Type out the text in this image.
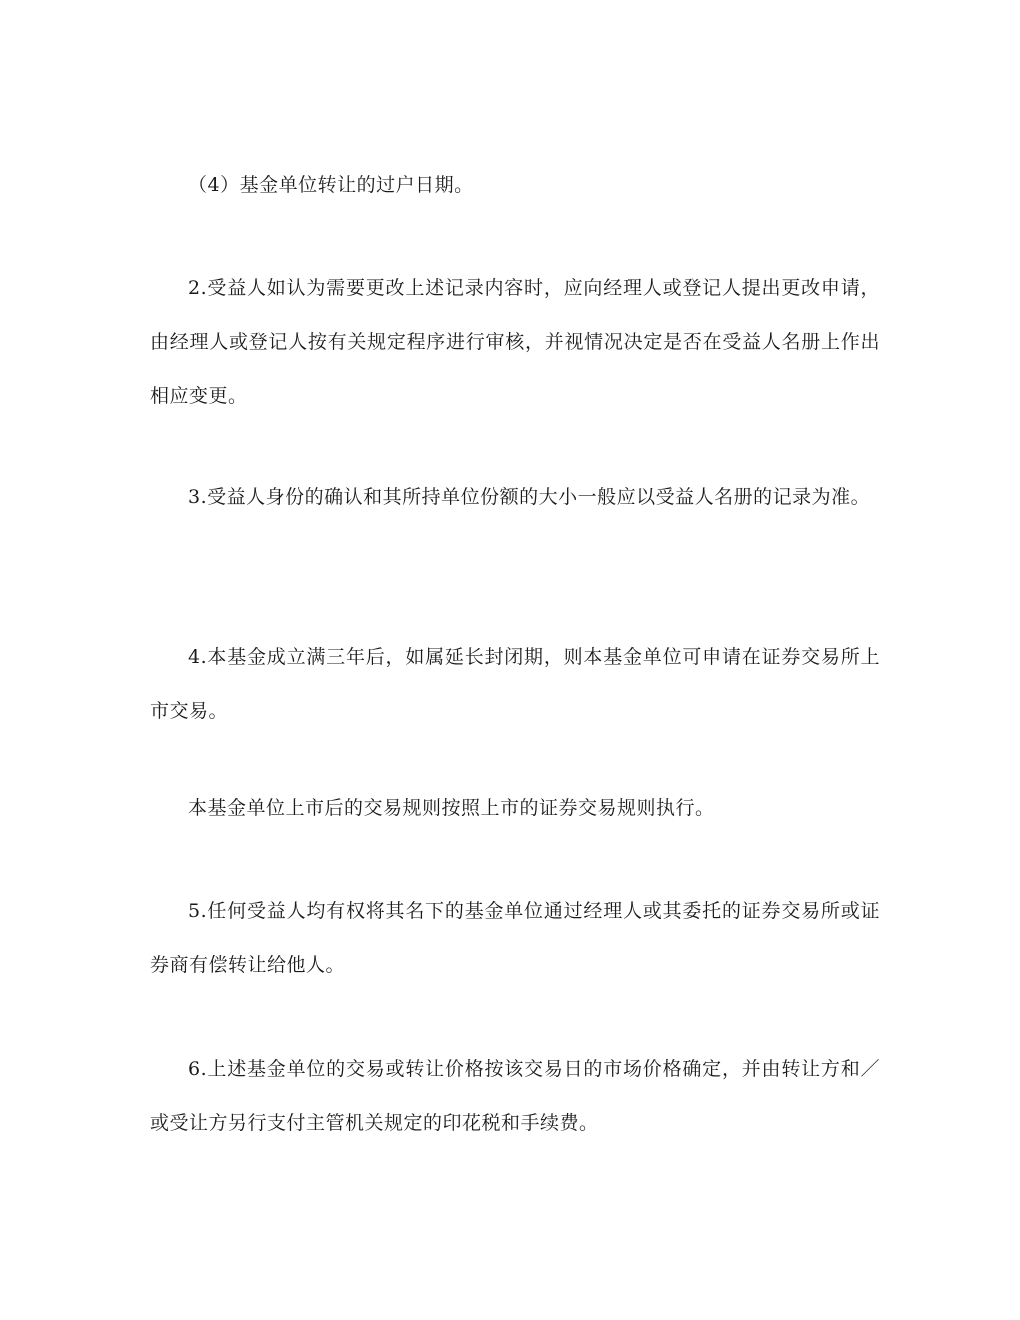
（4）基金单位转让的过户日期。

2.受益人如认为需要更改上述记录内容时，应向经理人或登记人提出更改申请，由经理人或登记人按有关规定程序进行审核，并视情况决定是否在受益人名册上作出相应变更。

3.受益人身份的确认和其所持单位份额的大小一般应以受益人名册的记录为准。

4.本基金成立满三年后，如属延长封闭期，则本基金单位可申请在证券交易所上市交易。

本基金单位上市后的交易规则按照上市的证券交易规则执行。

5.任何受益人均有权将其名下的基金单位通过经理人或其委托的证券交易所或证券商有偿转让给他人。

6.上述基金单位的交易或转让价格按该交易日的市场价格确定，并由转让方和／或受让方另行支付主管机关规定的印花税和手续费。
